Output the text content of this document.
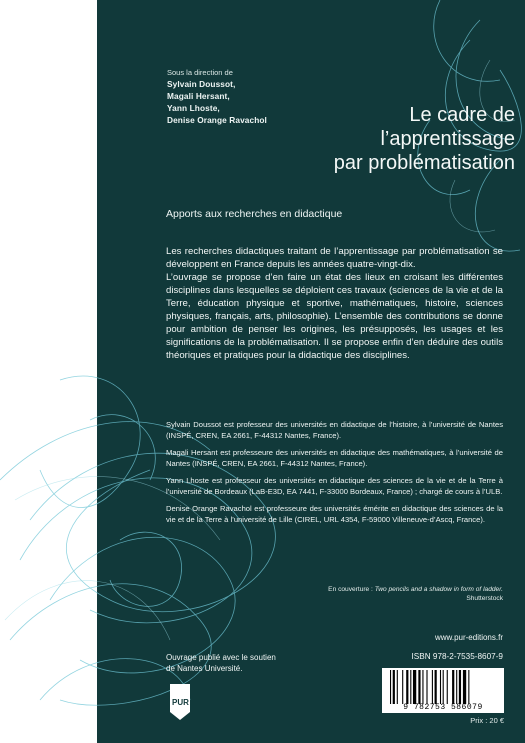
Sous la direction de
Sylvain Doussot,
Magali Hersant,
Yann Lhoste,
Denise Orange Ravachol	Le cadre de
l’apprentissage
par problématisation
Apports aux recherches en didactique

Les recherches didactiques traitant de l’apprentissage par problématisation se développent en France depuis les années quatre-vingt-dix.

L’ouvrage se propose d’en faire un état des lieux en croisant les différentes disciplines dans lesquelles se déploient ces travaux (sciences de la vie et de la Terre, éducation physique et sportive, mathématiques, histoire, sciences physiques, français, arts, philosophie). L’ensemble des contributions se donne pour ambition de penser les origines, les présupposés, les usages et les significations de la problématisation. Il se propose enfin d’en déduire des outils théoriques et pratiques pour la didactique des disciplines.

Sylvain Doussot est professeur des universités en didactique de l’histoire, à l’université de Nantes (INSPÉ, CREN, EA 2661, F-44312 Nantes, France).

Magali Hersant est professeure des universités en didactique des mathématiques, à l’université de Nantes (INSPÉ, CREN, EA 2661, F-44312 Nantes, France).

Yann Lhoste est professeur des universités en didactique des sciences de la vie et de la Terre à l’université de Bordeaux (LaB-E3D, EA 7441, F-33000 Bordeaux, France) ; chargé de cours à l’ULB.

Denise Orange Ravachol est professeure des universités émérite en didactique des sciences de la vie et de la Terre à l’université de Lille (CIREL, URL 4354, F-59000 Villeneuve-d’Ascq, France).

En couverture : Two pencils and a shadow in form of ladder.
Shutterstock
www.pur-editions.fr
Ouvrage publié avec le soutien
de Nantes Université.
ISBN 978-2-7535-8607-9
PUR
9 782753 586079
Prix : 20 €
